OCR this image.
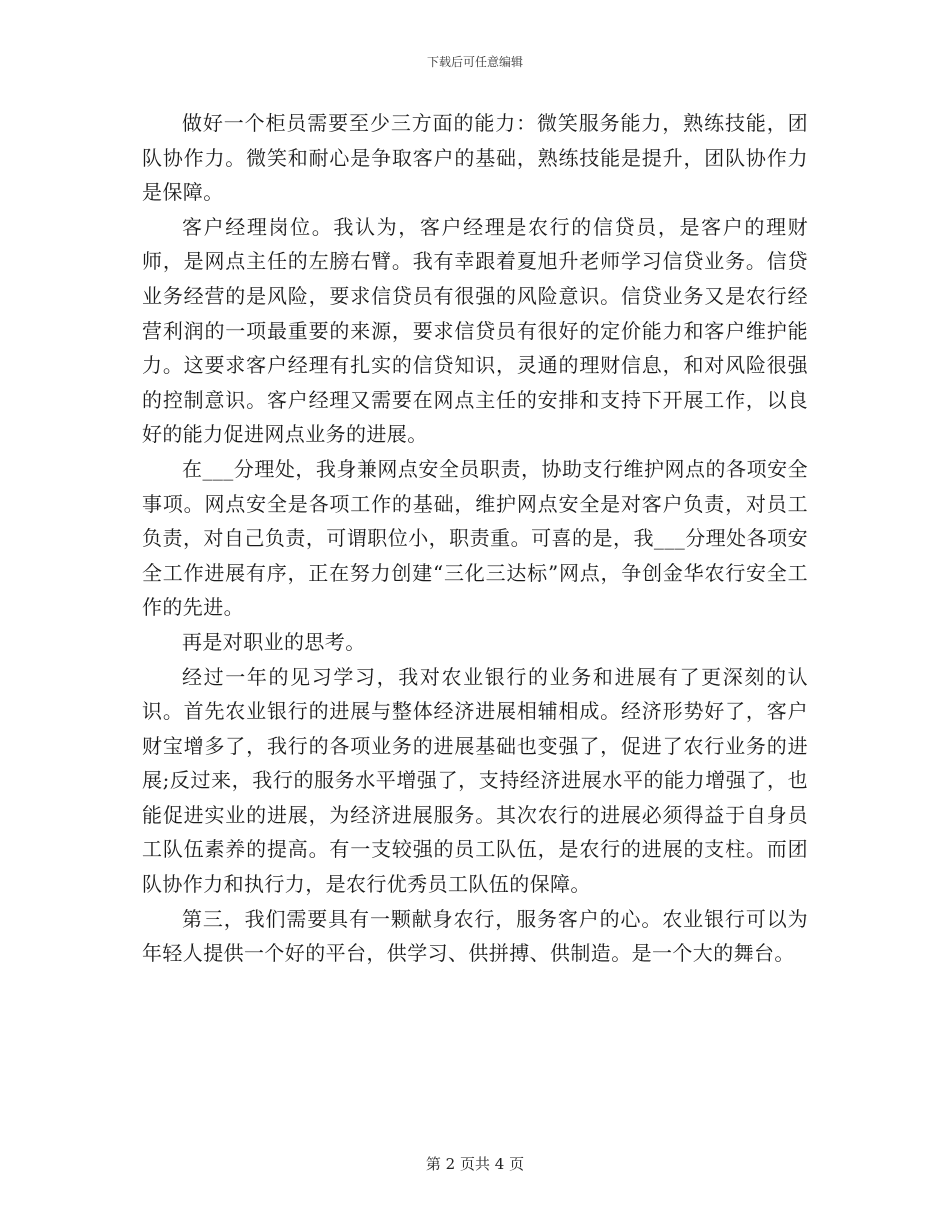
下载后可任意编辑

做好一个柜员需要至少三方面的能力：微笑服务能力，熟练技能，团队协作力。微笑和耐心是争取客户的基础，熟练技能是提升，团队协作力是保障。

客户经理岗位。我认为，客户经理是农行的信贷员，是客户的理财师，是网点主任的左膀右臂。我有幸跟着夏旭升老师学习信贷业务。信贷业务经营的是风险，要求信贷员有很强的风险意识。信贷业务又是农行经营利润的一项最重要的来源，要求信贷员有很好的定价能力和客户维护能力。这要求客户经理有扎实的信贷知识，灵通的理财信息，和对风险很强的控制意识。客户经理又需要在网点主任的安排和支持下开展工作，以良好的能力促进网点业务的进展。

在___分理处，我身兼网点安全员职责，协助支行维护网点的各项安全事项。网点安全是各项工作的基础，维护网点安全是对客户负责，对员工负责，对自己负责，可谓职位小，职责重。可喜的是，我___分理处各项安全工作进展有序，正在努力创建“三化三达标”网点，争创金华农行安全工作的先进。

再是对职业的思考。

经过一年的见习学习，我对农业银行的业务和进展有了更深刻的认识。首先农业银行的进展与整体经济进展相辅相成。经济形势好了，客户财宝增多了，我行的各项业务的进展基础也变强了，促进了农行业务的进展;反过来，我行的服务水平增强了，支持经济进展水平的能力增强了，也能促进实业的进展，为经济进展服务。其次农行的进展必须得益于自身员工队伍素养的提高。有一支较强的员工队伍，是农行的进展的支柱。而团队协作力和执行力，是农行优秀员工队伍的保障。

第三，我们需要具有一颗献身农行，服务客户的心。农业银行可以为年轻人提供一个好的平台，供学习、供拼搏、供制造。是一个大的舞台。

第 2 页共 4 页
